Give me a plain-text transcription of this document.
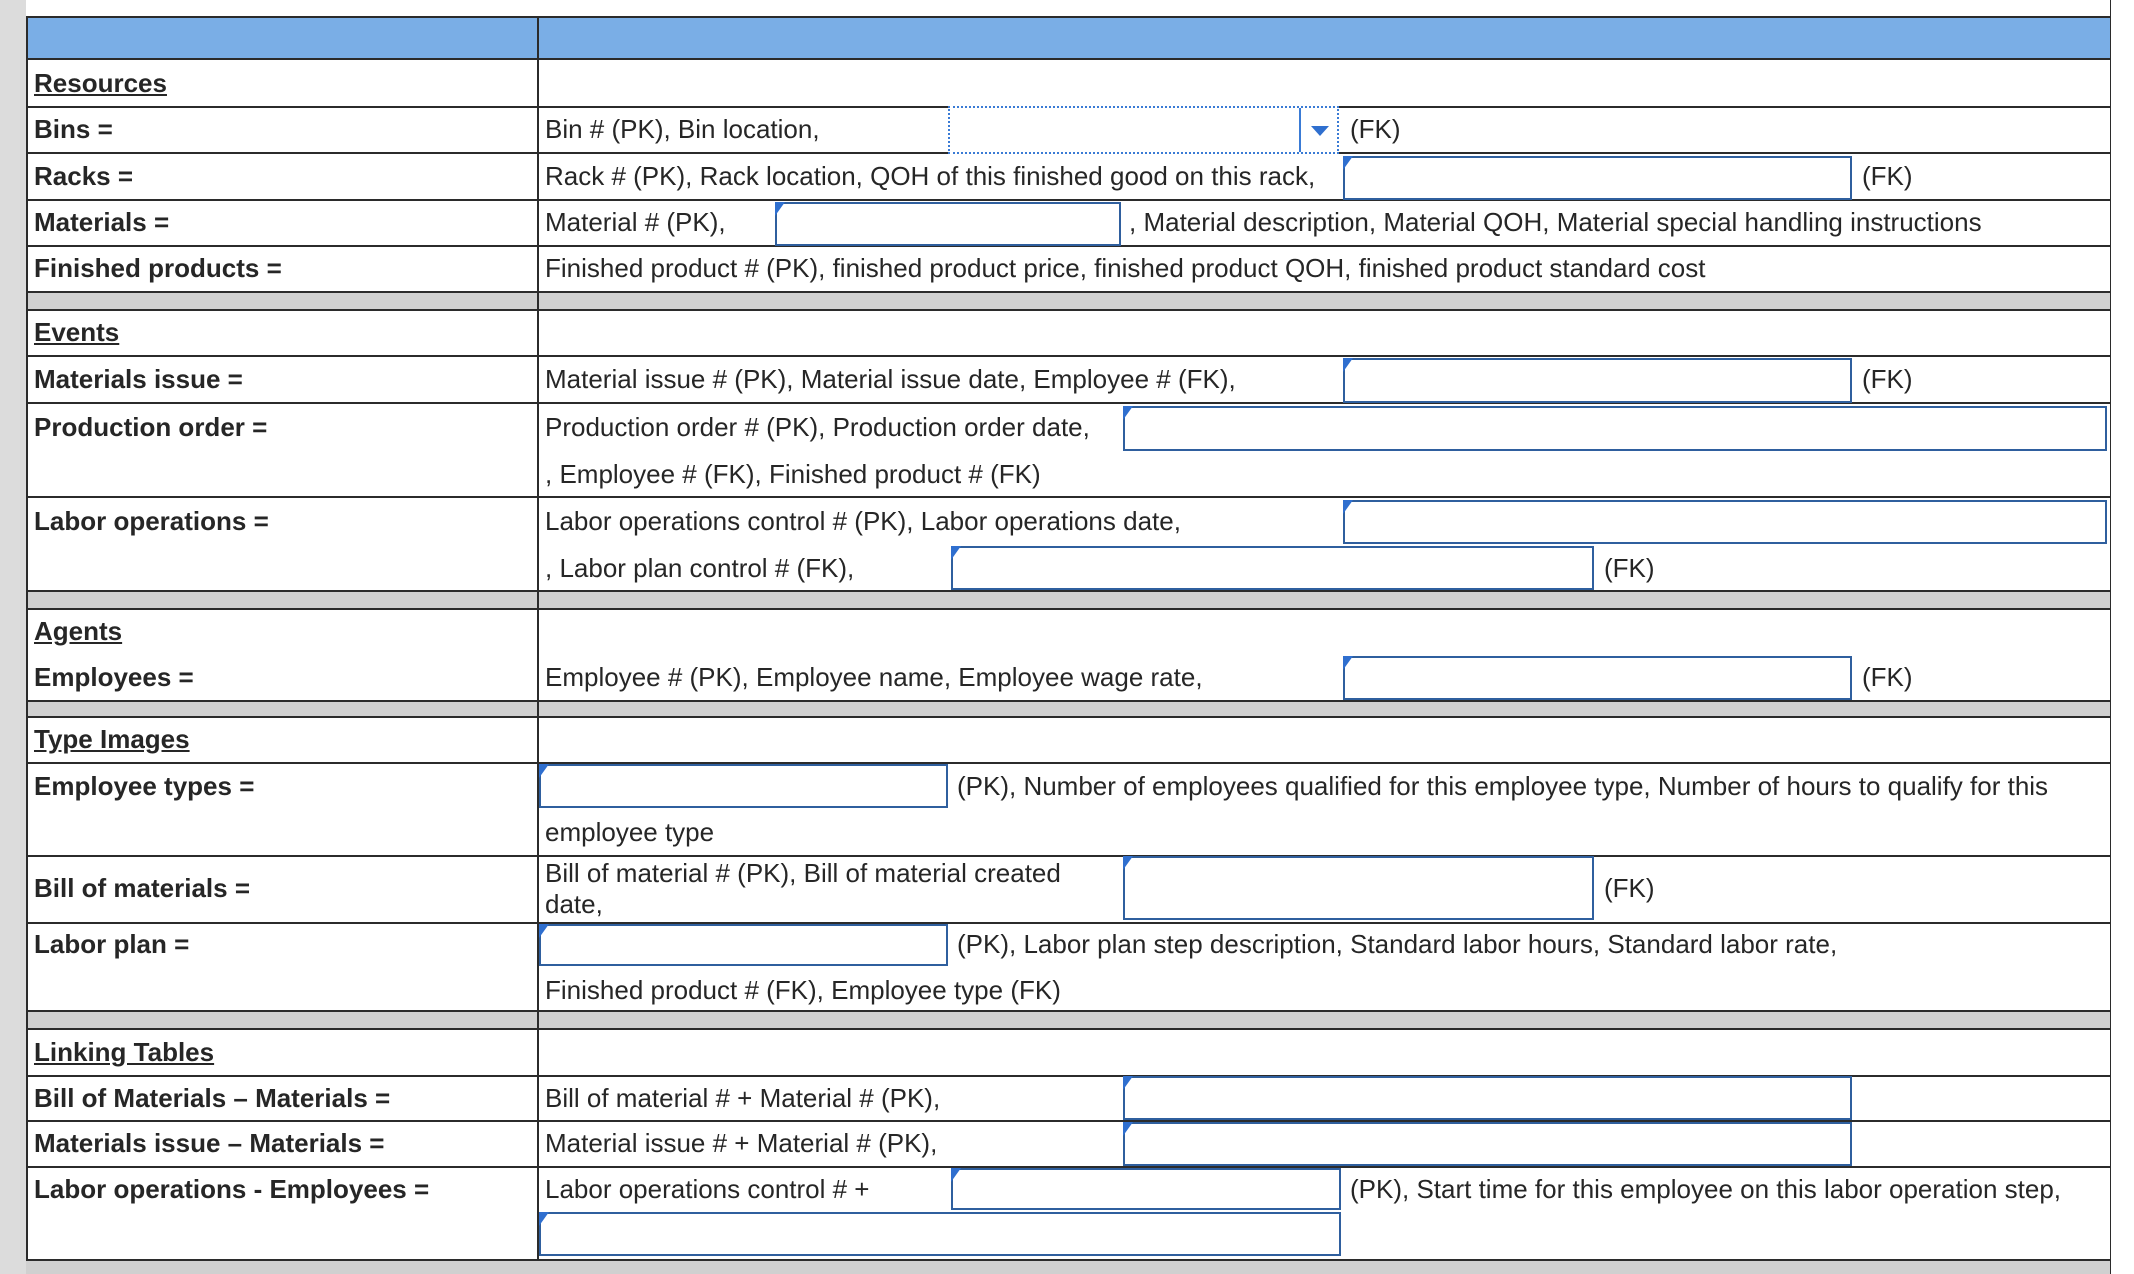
Resources
Bins =	Bin # (PK), Bin location,	(FK)
Racks =	Rack # (PK), Rack location, QOH of this finished good on this rack,	(FK)
Materials =	Material # (PK),	, Material description, Material QOH, Material special handling instructions
Finished products =	Finished product # (PK), finished product price, finished product QOH, finished product standard cost
Events
Materials issue =	Material issue # (PK), Material issue date, Employee # (FK),	(FK)
Production order =	Production order # (PK), Production order date,
, Employee # (FK), Finished product # (FK)
Labor operations =	Labor operations control # (PK), Labor operations date,
, Labor plan control # (FK),	(FK)
Agents
Employees =	Employee # (PK), Employee name, Employee wage rate,	(FK)
Type Images
Employee types =	(PK), Number of employees qualified for this employee type, Number of hours to qualify for this
employee type
Bill of materials =	Bill of material # (PK), Bill of material created
date,
(FK)
Labor plan =	(PK), Labor plan step description, Standard labor hours, Standard labor rate,
Finished product # (FK), Employee type (FK)
Linking Tables
Bill of Materials – Materials =	Bill of material # + Material # (PK),
Materials issue – Materials =	Material issue # + Material # (PK),
Labor operations - Employees =	Labor operations control # +	(PK), Start time for this employee on this labor operation step,
